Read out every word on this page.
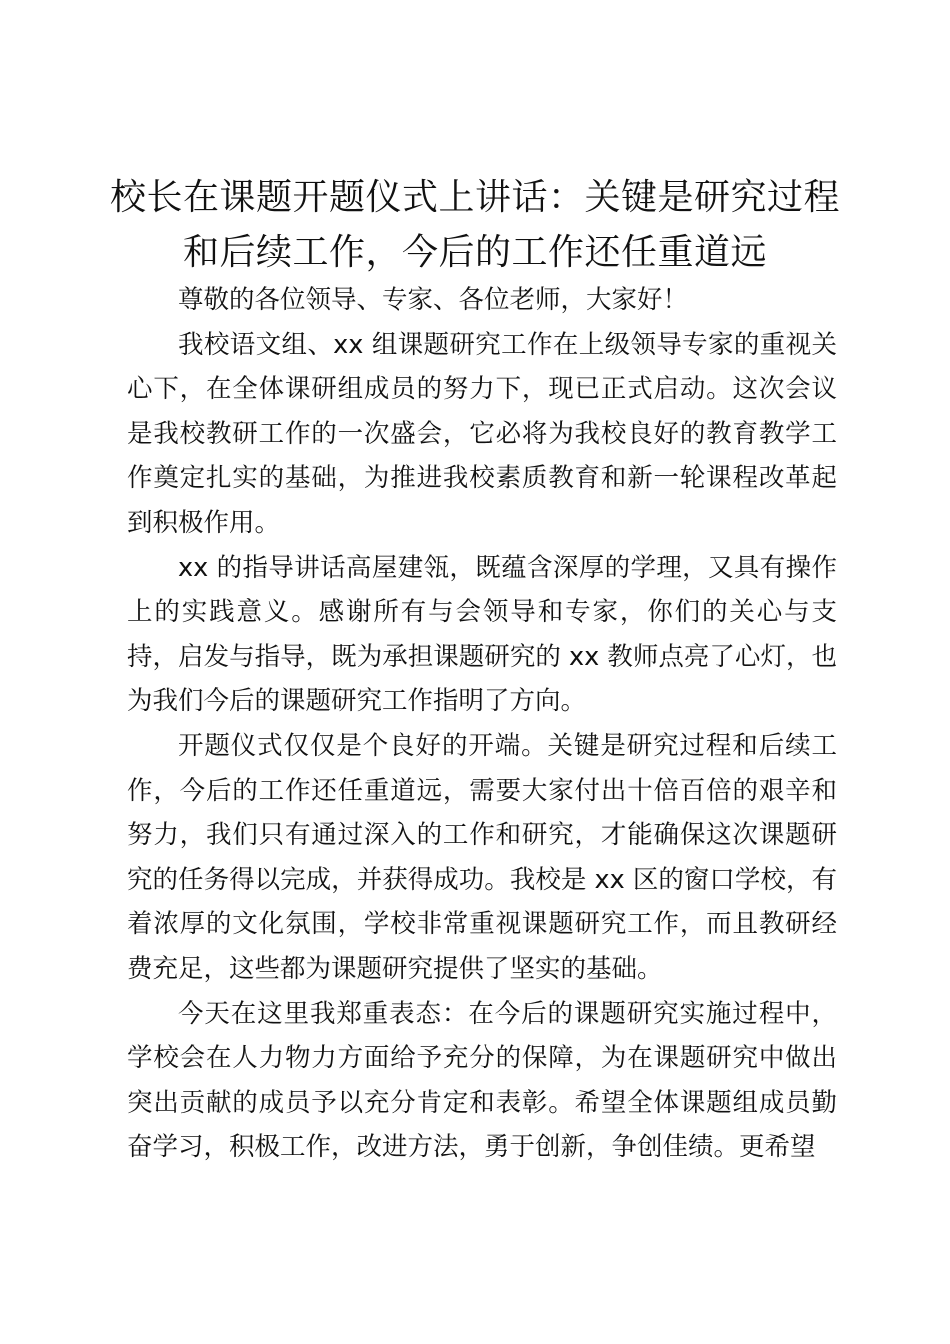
校长在课题开题仪式上讲话：关键是研究过程
和后续工作，今后的工作还任重道远

尊敬的各位领导、专家、各位老师，大家好！

我校语文组、xx 组课题研究工作在上级领导专家的重视关心下，在全体课研组成员的努力下，现已正式启动。这次会议是我校教研工作的一次盛会，它必将为我校良好的教育教学工作奠定扎实的基础，为推进我校素质教育和新一轮课程改革起到积极作用。

xx 的指导讲话高屋建瓴，既蕴含深厚的学理，又具有操作上的实践意义。感谢所有与会领导和专家，你们的关心与支持，启发与指导，既为承担课题研究的 xx 教师点亮了心灯，也为我们今后的课题研究工作指明了方向。

开题仪式仅仅是个良好的开端。关键是研究过程和后续工作，今后的工作还任重道远，需要大家付出十倍百倍的艰辛和努力，我们只有通过深入的工作和研究，才能确保这次课题研究的任务得以完成，并获得成功。我校是 xx 区的窗口学校，有着浓厚的文化氛围，学校非常重视课题研究工作，而且教研经费充足，这些都为课题研究提供了坚实的基础。

今天在这里我郑重表态：在今后的课题研究实施过程中，学校会在人力物力方面给予充分的保障，为在课题研究中做出突出贡献的成员予以充分肯定和表彰。希望全体课题组成员勤奋学习，积极工作，改进方法，勇于创新，争创佳绩。更希望
